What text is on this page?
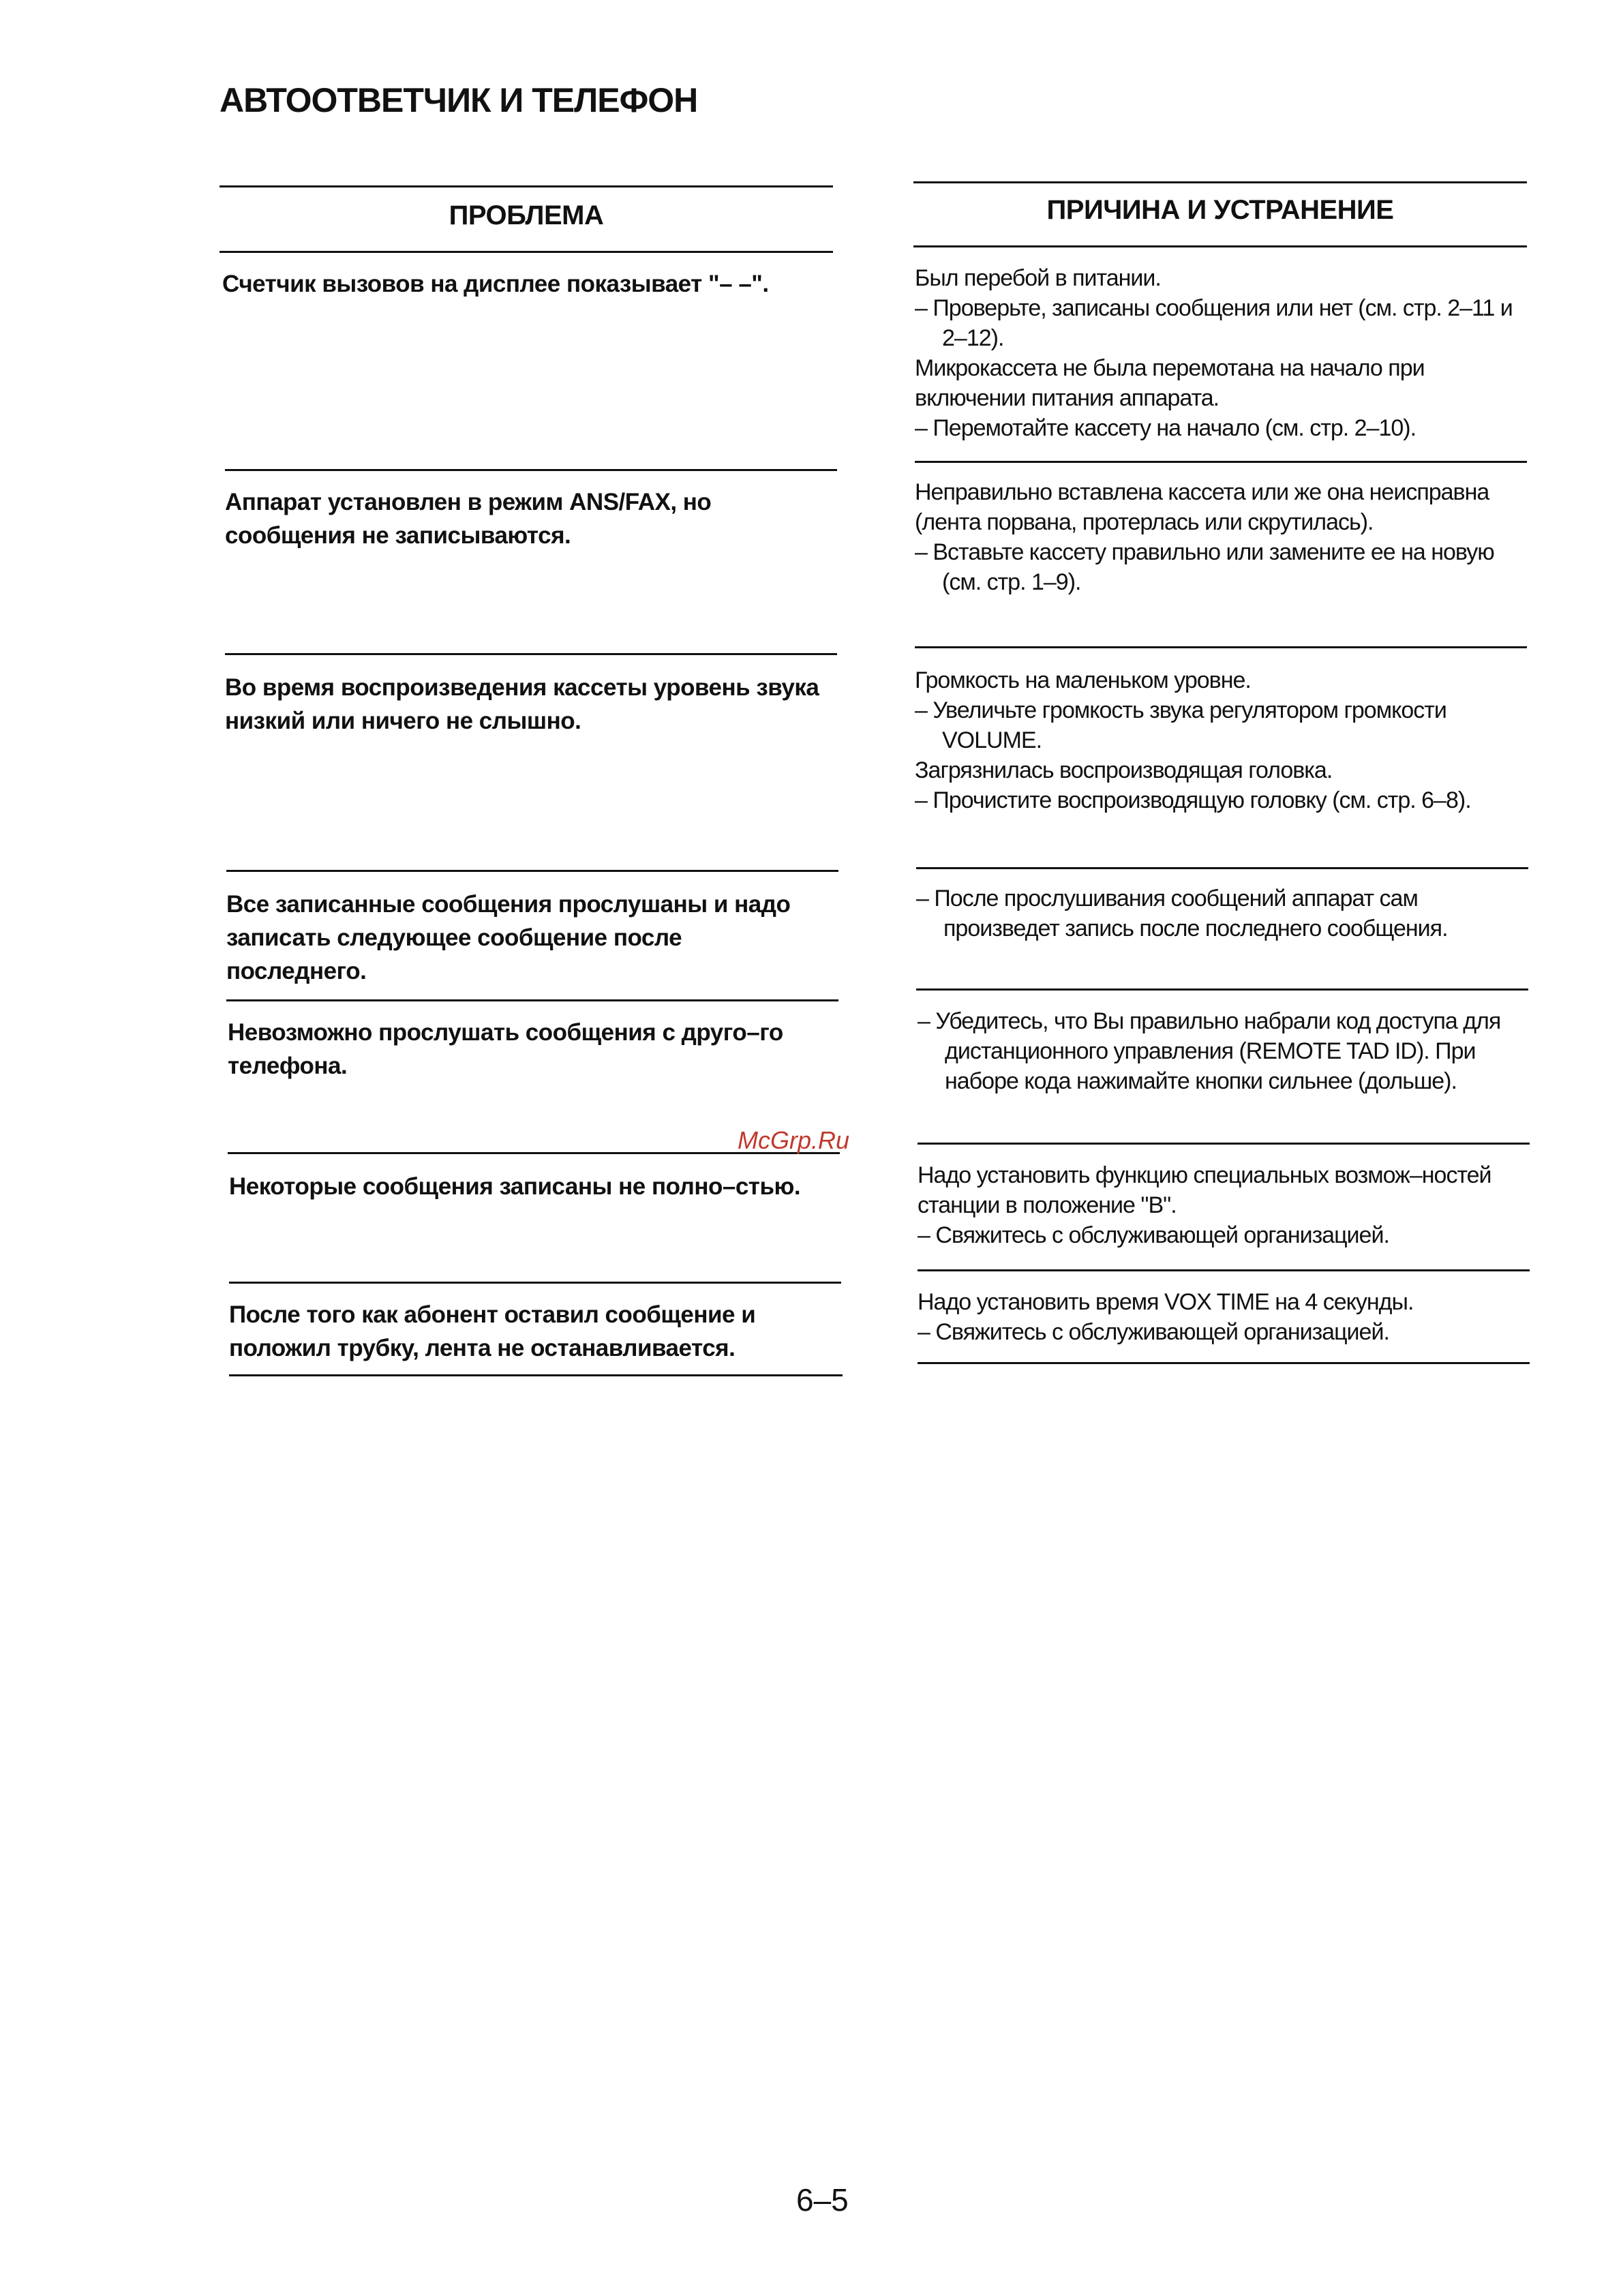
АВТООТВЕТЧИК И ТЕЛЕФОН
ПРОБЛЕМА
Счетчик вызовов на дисплее показывает "– –".
Аппарат установлен в режим ANS/FAX, но сообщения не записываются.
Во время воспроизведения кассеты уровень звука низкий или ничего не слышно.
Все записанные сообщения прослушаны и надо записать следующее сообщение после последнего.
Невозможно прослушать сообщения с друго–го телефона.
Некоторые сообщения записаны не полно–стью.
После того как абонент оставил сообщение и положил трубку, лента не останавливается.
ПРИЧИНА И УСТРАНЕНИЕ

Был перебой в питании.

– Проверьте, записаны сообщения или нет (см. стр. 2–11 и 2–12).

Микрокассета не была перемотана на начало при включении питания аппарата.

– Перемотайте кассету на начало (см. стр. 2–10).

Неправильно вставлена кассета или же она неисправна (лента порвана, протерлась или скрутилась).

– Вставьте кассету правильно или замените ее на новую (см. стр. 1–9).

Громкость на маленьком уровне.

– Увеличьте громкость звука регулятором громкости VOLUME.

Загрязнилась воспроизводящая головка.

– Прочистите воспроизводящую головку (см. стр. 6–8).

– После прослушивания сообщений аппарат сам произведет запись после последнего сообщения.

– Убедитесь, что Вы правильно набрали код доступа для дистанционного управления (REMOTE TAD ID). При наборе кода нажимайте кнопки сильнее (дольше).

Надо установить функцию специальных возмож–ностей станции в положение "B".

– Свяжитесь с обслуживающей организацией.

Надо установить время VOX TIME на 4 секунды.

– Свяжитесь с обслуживающей организацией.

McGrp.Ru
6–5
